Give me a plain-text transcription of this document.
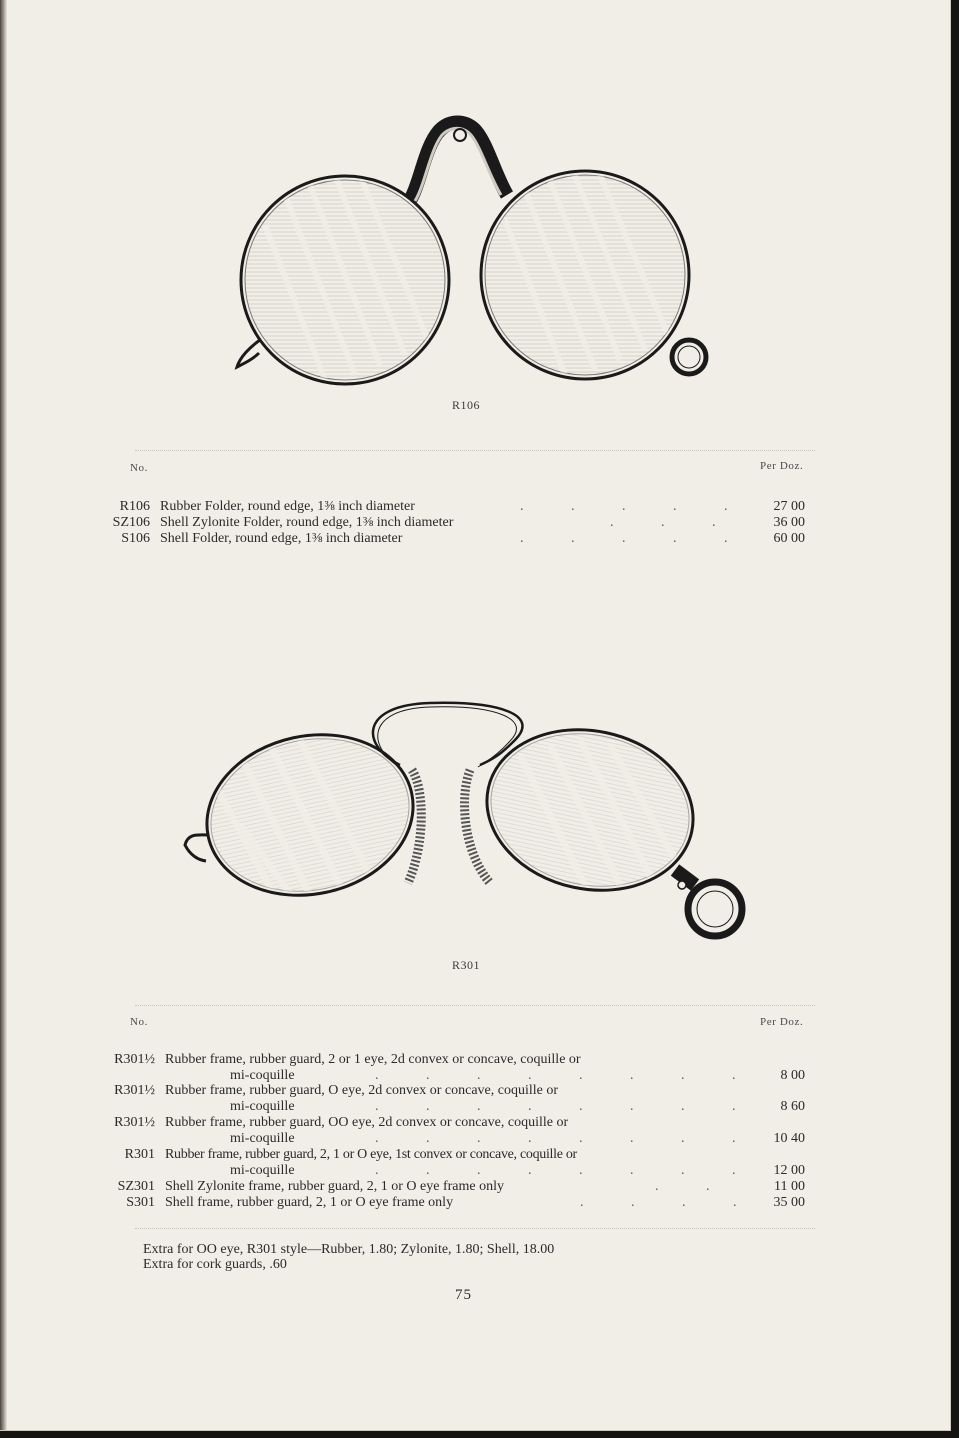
R106
No.	Per Doz.
R106 Rubber Folder, round edge, 1⅜ inch diameter	. . . . .	27 00
SZ106 Shell Zylonite Folder, round edge, 1⅜ inch diameter	. . .	36 00
S106 Shell Folder, round edge, 1⅜ inch diameter	. . . . .	60 00
R301
No.	Per Doz.
R301½ Rubber frame, rubber guard, 2 or 1 eye, 2d convex or concave, coquille or
mi-coquille	. . . . . . . .	8 00
R301½ Rubber frame, rubber guard, O eye, 2d convex or concave, coquille or
mi-coquille	. . . . . . . .	8 60
R301½ Rubber frame, rubber guard, OO eye, 2d convex or concave, coquille or
mi-coquille	. . . . . . . .	10 40
R301 Rubber frame, rubber guard, 2, 1 or O eye, 1st convex or concave, coquille or
mi-coquille	. . . . . . . .	12 00
SZ301 Shell Zylonite frame, rubber guard, 2, 1 or O eye frame only	. .	11 00
S301 Shell frame, rubber guard, 2, 1 or O eye frame only	. . . .	35 00
Extra for OO eye, R301 style—Rubber, 1.80; Zylonite, 1.80; Shell, 18.00
Extra for cork guards, .60
75
